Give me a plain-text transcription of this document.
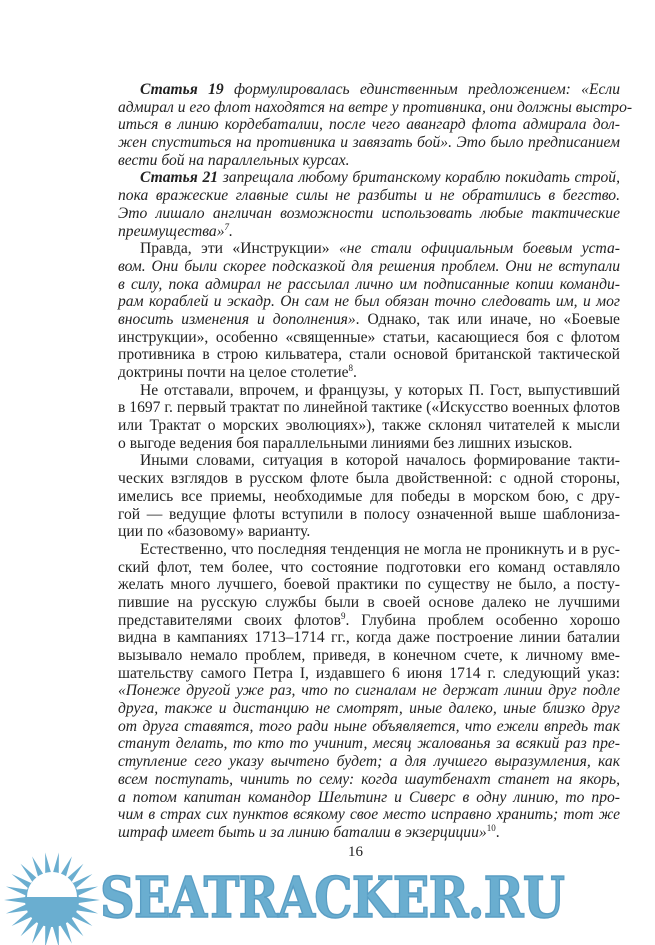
Статья 19 формулировалась единственным предложением: «Если
адмирал и его флот находятся на ветре у противника, они должны выстро-
иться в линию кордебаталии, после чего авангард флота адмирала дол-
жен спуститься на противника и завязать бой». Это было предписанием
вести бой на параллельных курсах.
Статья 21 запрещала любому британскому кораблю покидать строй,
пока вражеские главные силы не разбиты и не обратились в бегство.
Это лишало англичан возможности использовать любые тактические
преимущества»$^7$.
Правда, эти «Инструкции» «не стали официальным боевым уста-
вом. Они были скорее подсказкой для решения проблем. Они не вступали
в силу, пока адмирал не рассылал лично им подписанные копии команди-
рам кораблей и эскадр. Он сам не был обязан точно следовать им, и мог
вносить изменения и дополнения». Однако, так или иначе, но «Боевые
инструкции», особенно «священные» статьи, касающиеся боя с флотом
противника в строю кильватера, стали основой британской тактической
доктрины почти на целое столетие$^8$.
Не отставали, впрочем, и французы, у которых П. Гост, выпустивший
в 1697 г. первый трактат по линейной тактике («Искусство военных флотов
или Трактат о морских эволюциях»), также склонял читателей к мысли
о выгоде ведения боя параллельными линиями без лишних изысков.
Иными словами, ситуация в которой началось формирование такти-
ческих взглядов в русском флоте была двойственной: с одной стороны,
имелись все приемы, необходимые для победы в морском бою, с дру-
гой — ведущие флоты вступили в полосу означенной выше шаблониза-
ции по «базовому» варианту.
Естественно, что последняя тенденция не могла не проникнуть и в рус-
ский флот, тем более, что состояние подготовки его команд оставляло
желать много лучшего, боевой практики по существу не было, а посту-
пившие на русскую службы были в своей основе далеко не лучшими
представителями своих флотов$^9$. Глубина проблем особенно хорошо
видна в кампаниях 1713–1714 гг., когда даже построение линии баталии
вызывало немало проблем, приведя, в конечном счете, к личному вме-
шательству самого Петра I, издавшего 6 июня 1714 г. следующий указ:
«Понеже другой уже раз, что по сигналам не держат линии друг подле
друга, также и дистанцию не смотрят, иные далеко, иные близко друг
от друга ставятся, того ради ныне объявляется, что ежели впредь так
станут делать, то кто то учинит, месяц жалованья за всякий раз пре-
ступление сего указу вычтено будет; а для лучшего выразумления, как
всем поступать, чинить по сему: когда шаутбенахт станет на якорь,
а потом капитан командор Шельтинг и Сиверс в одну линию, то про-
чим в страх сих пунктов всякому свое место исправно хранить; тот же
штраф имеет быть и за линию баталии в экзерциции»$^{10}$.
SEATRACKER.RU
16
